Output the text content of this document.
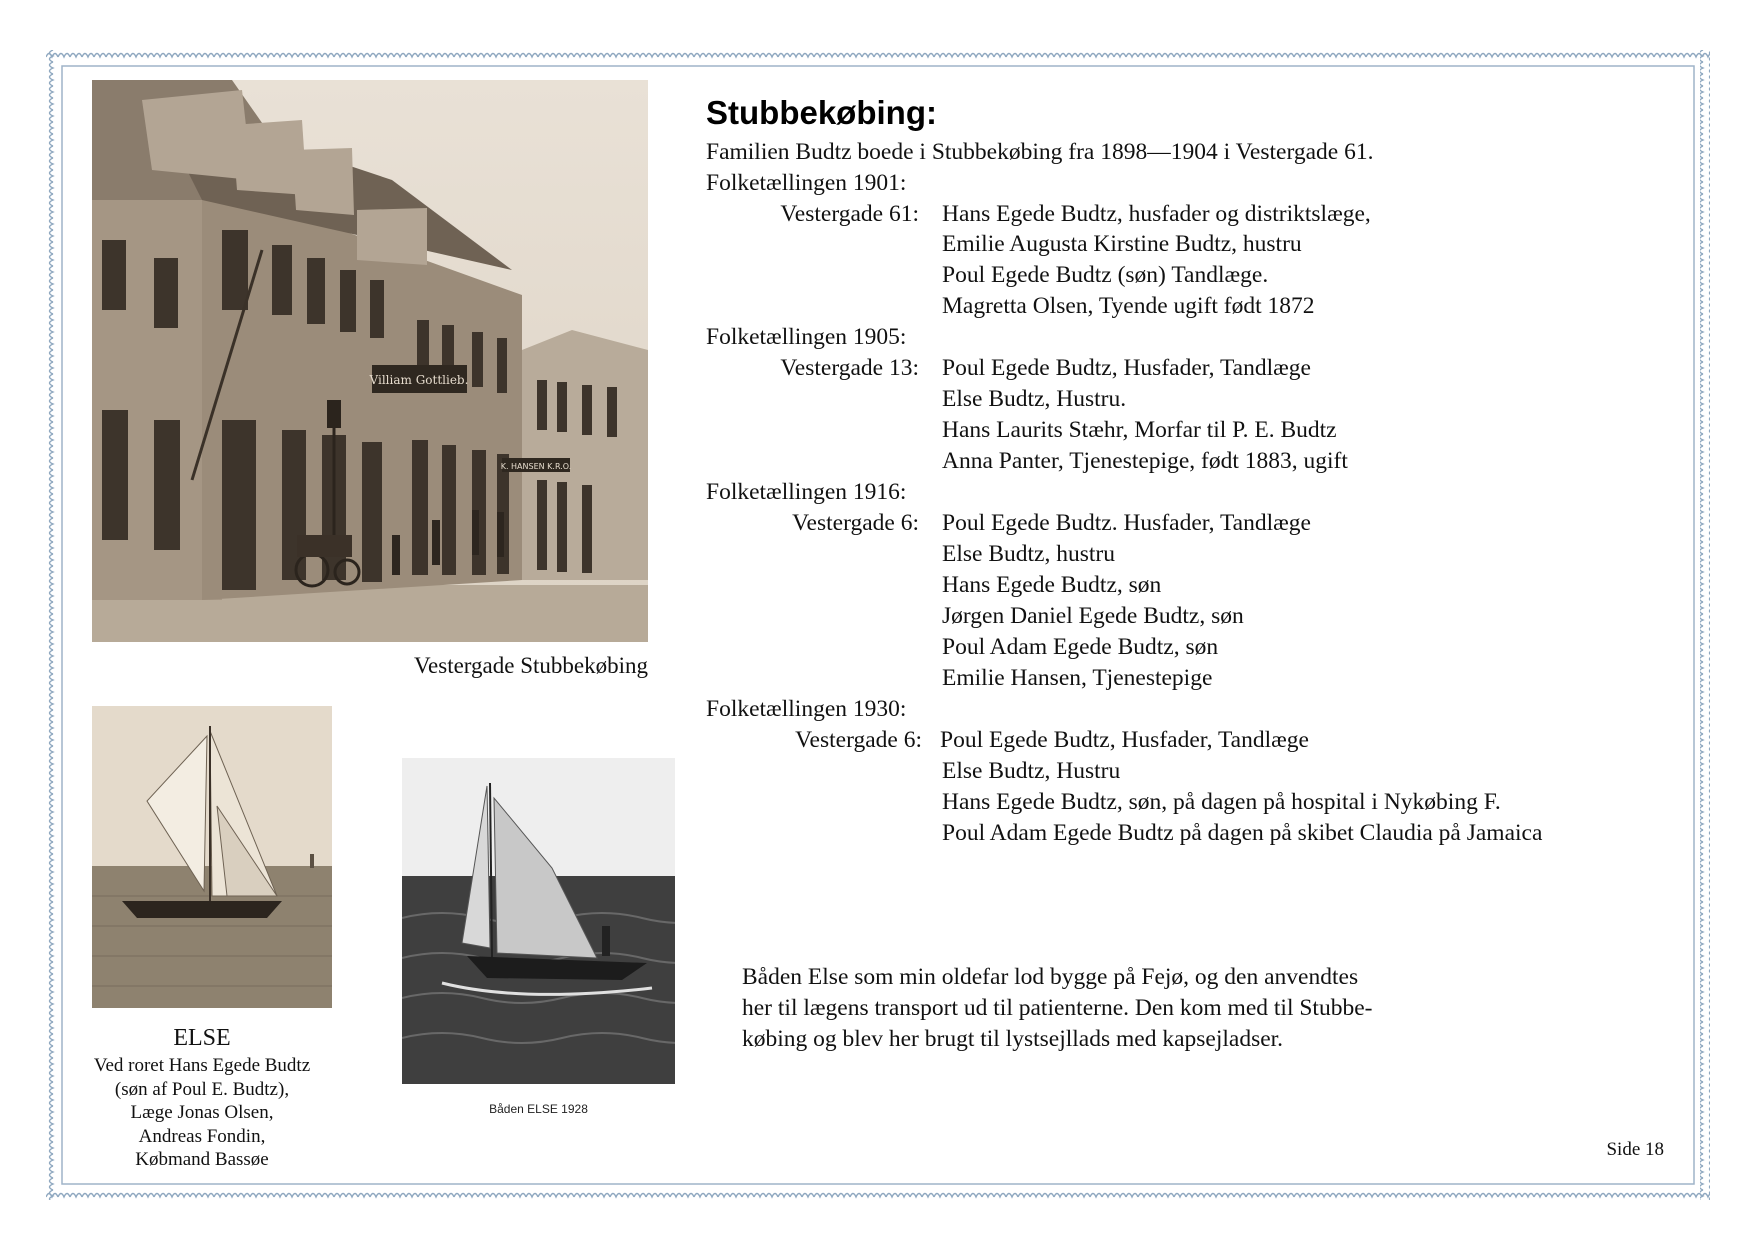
Villiam Gottlieb.
K. HANSEN K.R.O.
Vestergade Stubbekøbing
ELSE
Ved roret Hans Egede Budtz
(søn af Poul E. Budtz),
Læge Jonas Olsen,
Andreas Fondin,
Købmand Bassøe
Båden ELSE 1928
Stubbekøbing:
Familien Budtz boede i Stubbekøbing fra 1898—1904 i Vestergade 61.
Folketællingen 1901:
Vestergade 61: Hans Egede Budtz, husfader og distriktslæge,
Emilie Augusta Kirstine Budtz, hustru
Poul Egede Budtz (søn) Tandlæge.
Magretta Olsen, Tyende ugift født 1872
Folketællingen 1905:
Vestergade 13: Poul Egede Budtz, Husfader, Tandlæge
Else Budtz, Hustru.
Hans Laurits Stæhr, Morfar til P. E. Budtz
Anna Panter, Tjenestepige, født 1883, ugift
Folketællingen 1916:
Vestergade 6: Poul Egede Budtz. Husfader, Tandlæge
Else Budtz, hustru
Hans Egede Budtz, søn
Jørgen Daniel Egede Budtz, søn
Poul Adam Egede Budtz, søn
Emilie Hansen, Tjenestepige
Folketællingen 1930:
Vestergade 6: Poul Egede Budtz, Husfader, Tandlæge
Else Budtz, Hustru
Hans Egede Budtz, søn, på dagen på hospital i Nykøbing F.
Poul Adam Egede Budtz på dagen på skibet Claudia på Jamaica
Båden Else som min oldefar lod bygge på Fejø, og den anvendtes
her til lægens transport ud til patienterne. Den kom med til Stubbe-
købing og blev her brugt til lystsejllads med kapsejladser.
Side 18
